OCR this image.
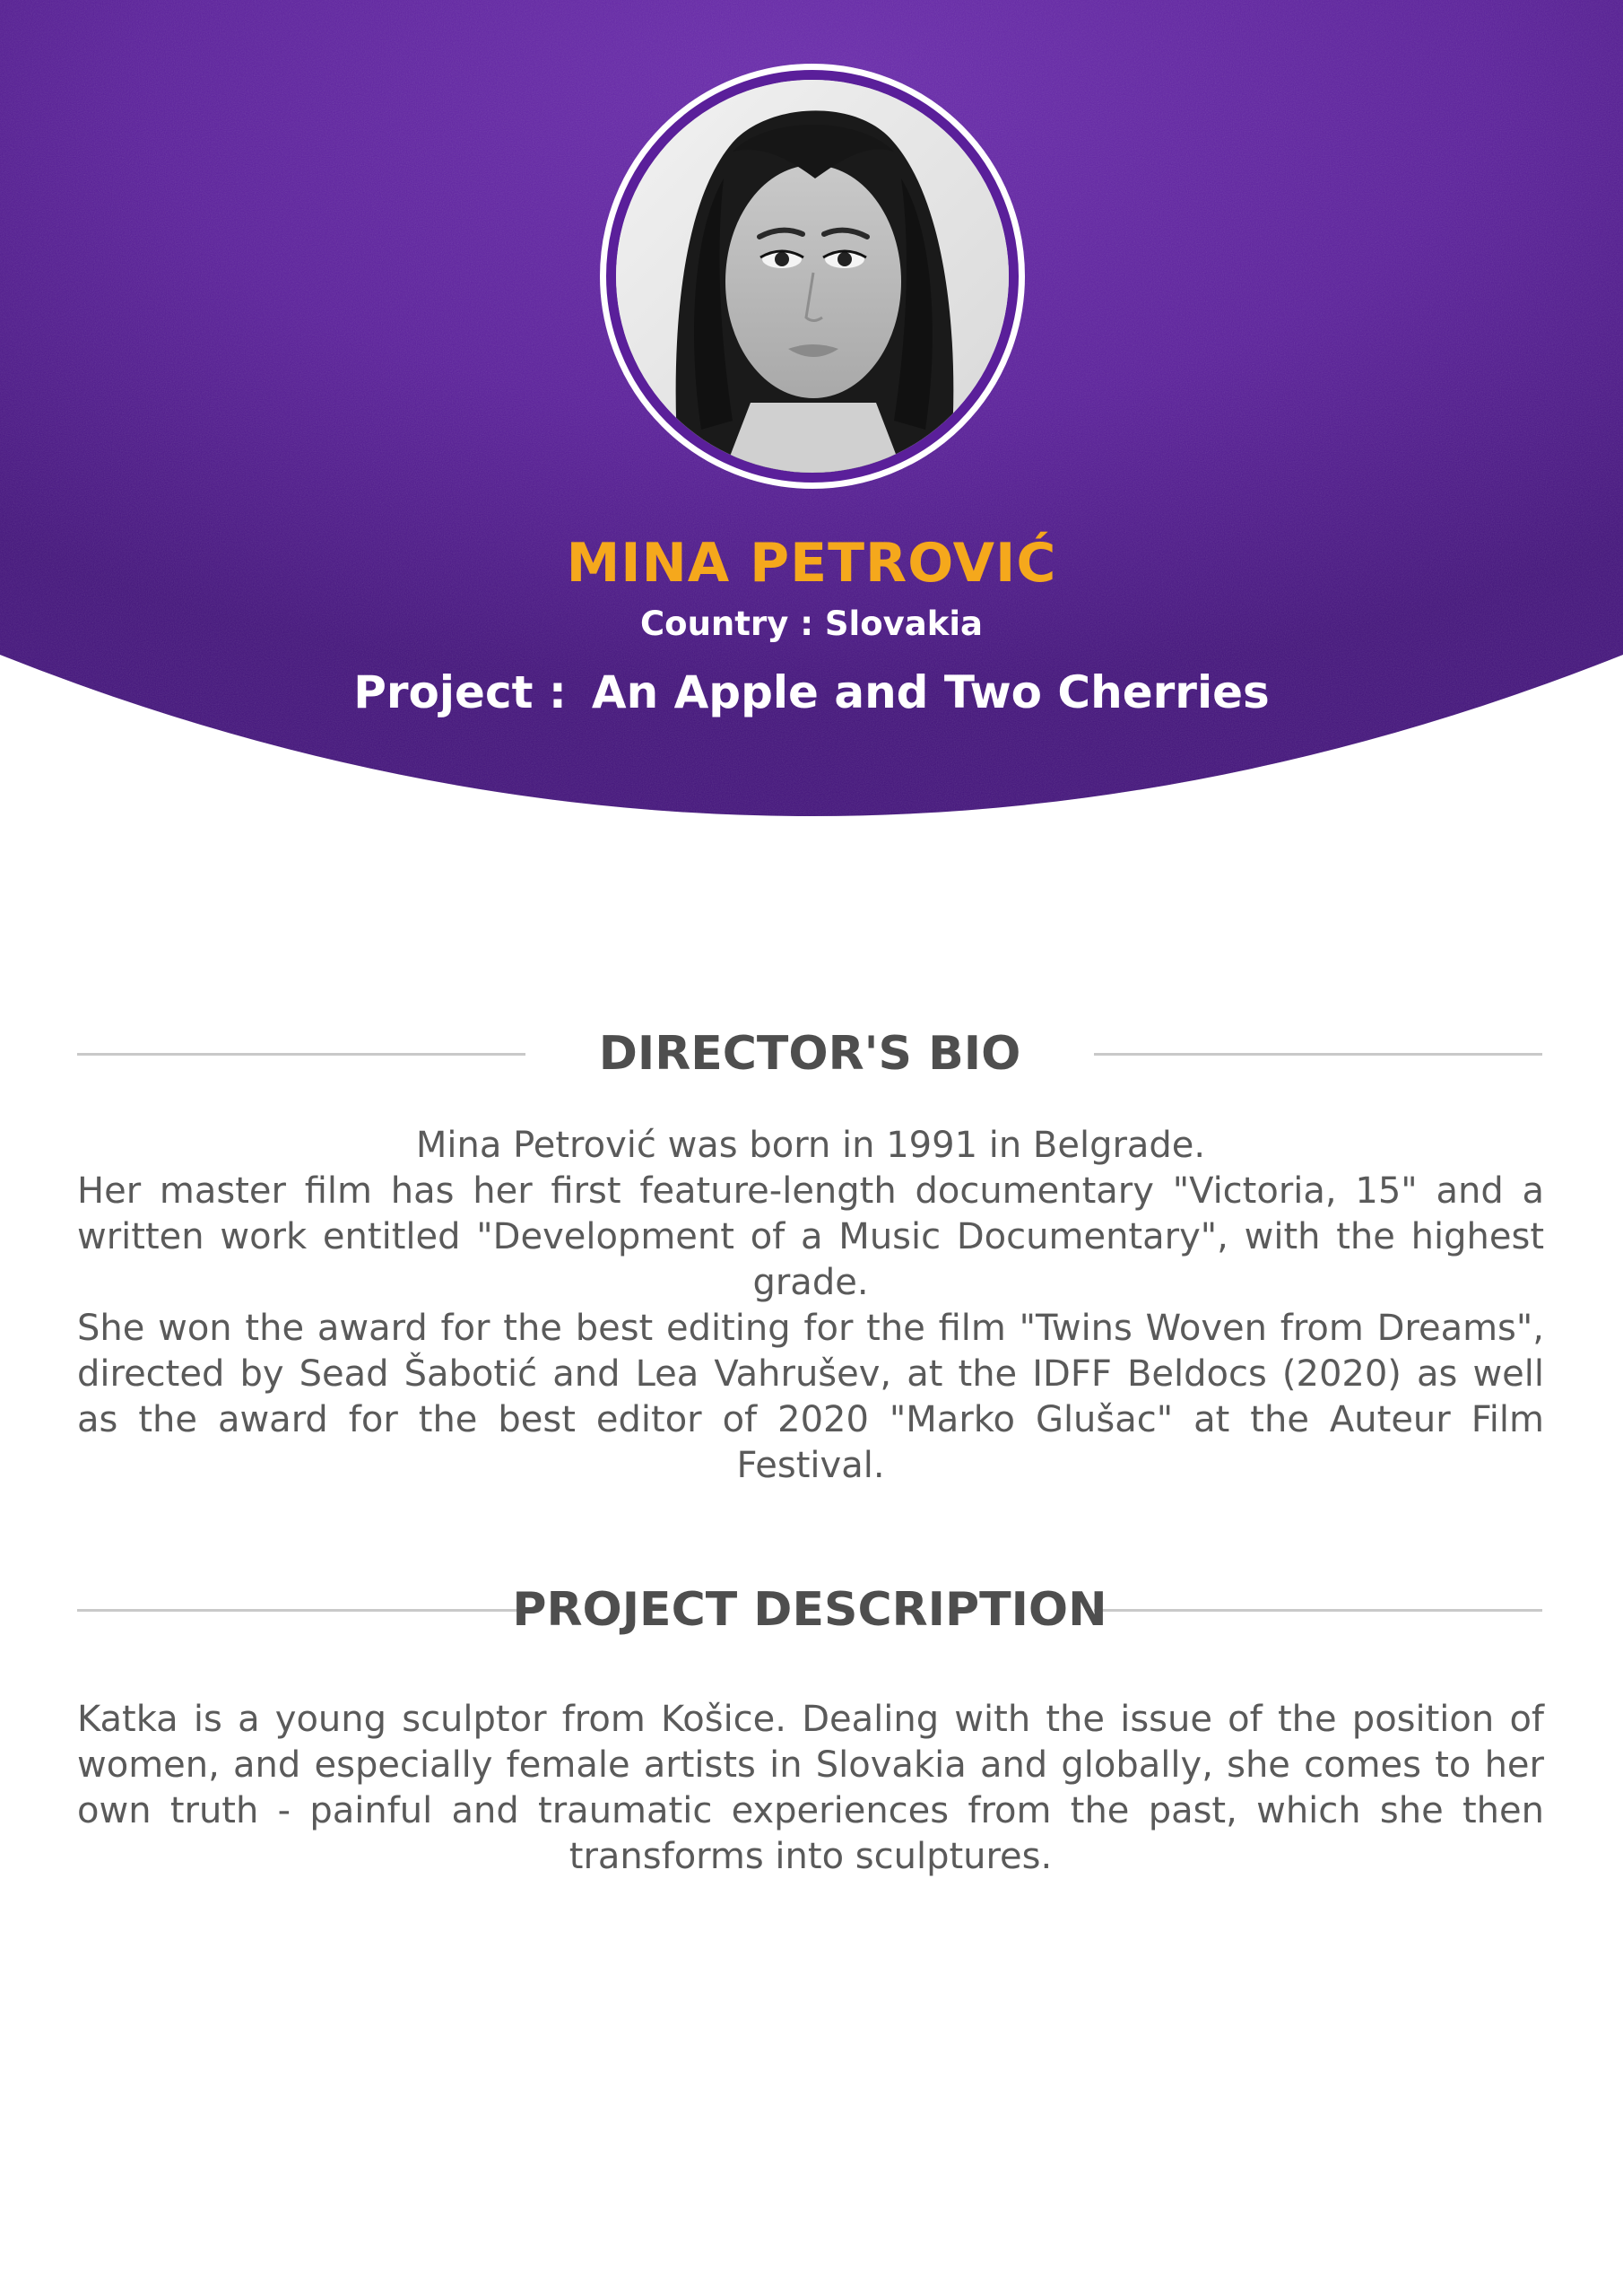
MINA PETROVIĆ
Country : Slovakia
Project : An Apple and Two Cherries
DIRECTOR'S BIO

Mina Petrović was born in 1991 in Belgrade.

Her master film has her first feature-length documentary "Victoria, 15" and a written work entitled "Development of a Music Documentary", with the highest grade.

She won the award for the best editing for the film "Twins Woven from Dreams", directed by Sead Šabotić and Lea Vahrušev, at the IDFF Beldocs (2020) as well as the award for the best editor of 2020 "Marko Glušac" at the Auteur Film Festival.

PROJECT DESCRIPTION

Katka is a young sculptor from Košice. Dealing with the issue of the position of women, and especially female artists in Slovakia and globally, she comes to her own truth - painful and traumatic experiences from the past, which she then transforms into sculptures.
